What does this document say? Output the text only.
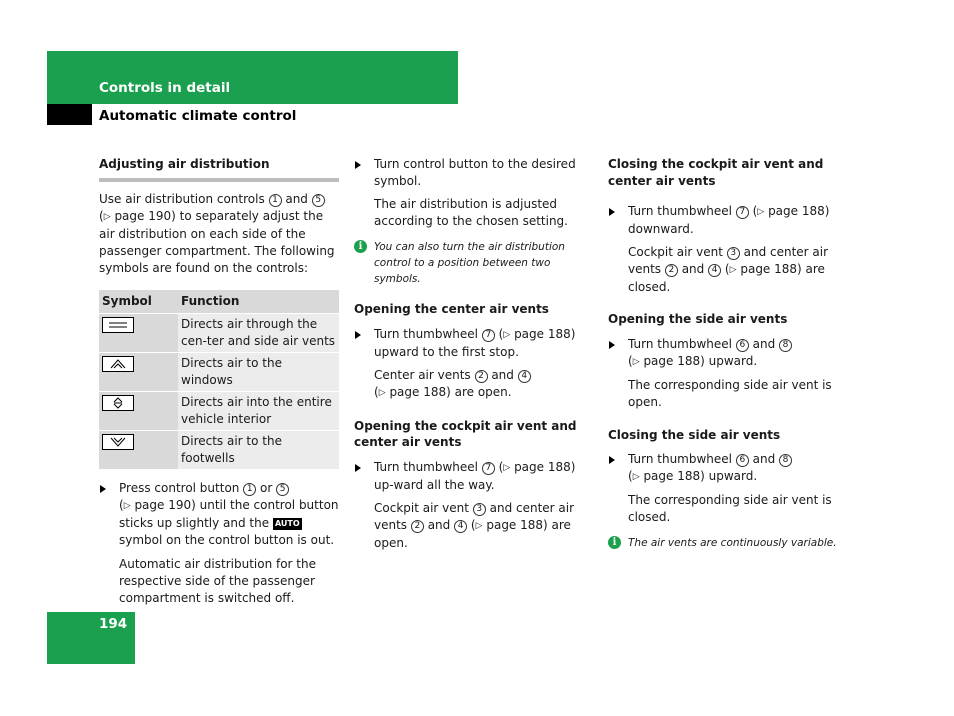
Controls in detail
Automatic climate control
Adjusting air distribution

Use air distribution controls 1 and 5
(▷ page 190) to separately adjust the air distribution on each side of the passenger compartment. The following symbols are found on the controls:

Symbol	Function

	Directs air through the cen-ter and side air vents

	Directs air to the windows

	Directs air into the entire vehicle interior

	Directs air to the footwells
Press control button 1 or 5
(▷ page 190) until the control button sticks up slightly and the AUTO symbol on the control button is out.

Automatic air distribution for the respective side of the passenger compartment is switched off.

Turn control button to the desired symbol.

The air distribution is adjusted according to the chosen setting.

i	You can also turn the air distribution control to a position between two symbols.
Opening the center air vents
Turn thumbwheel 7 (▷ page 188) upward to the first stop.

Center air vents 2 and 4
(▷ page 188) are open.

Opening the cockpit air vent and center air vents
Turn thumbwheel 7 (▷ page 188) up-ward all the way.

Cockpit air vent 3 and center air vents 2 and 4 (▷ page 188) are open.

Closing the cockpit air vent and center air vents
Turn thumbwheel 7 (▷ page 188) downward.

Cockpit air vent 3 and center air vents 2 and 4 (▷ page 188) are closed.

Opening the side air vents
Turn thumbwheel 6 and 8
(▷ page 188) upward.

The corresponding side air vent is open.

Closing the side air vents
Turn thumbwheel 6 and 8
(▷ page 188) upward.

The corresponding side air vent is closed.

i	The air vents are continuously variable.
194
